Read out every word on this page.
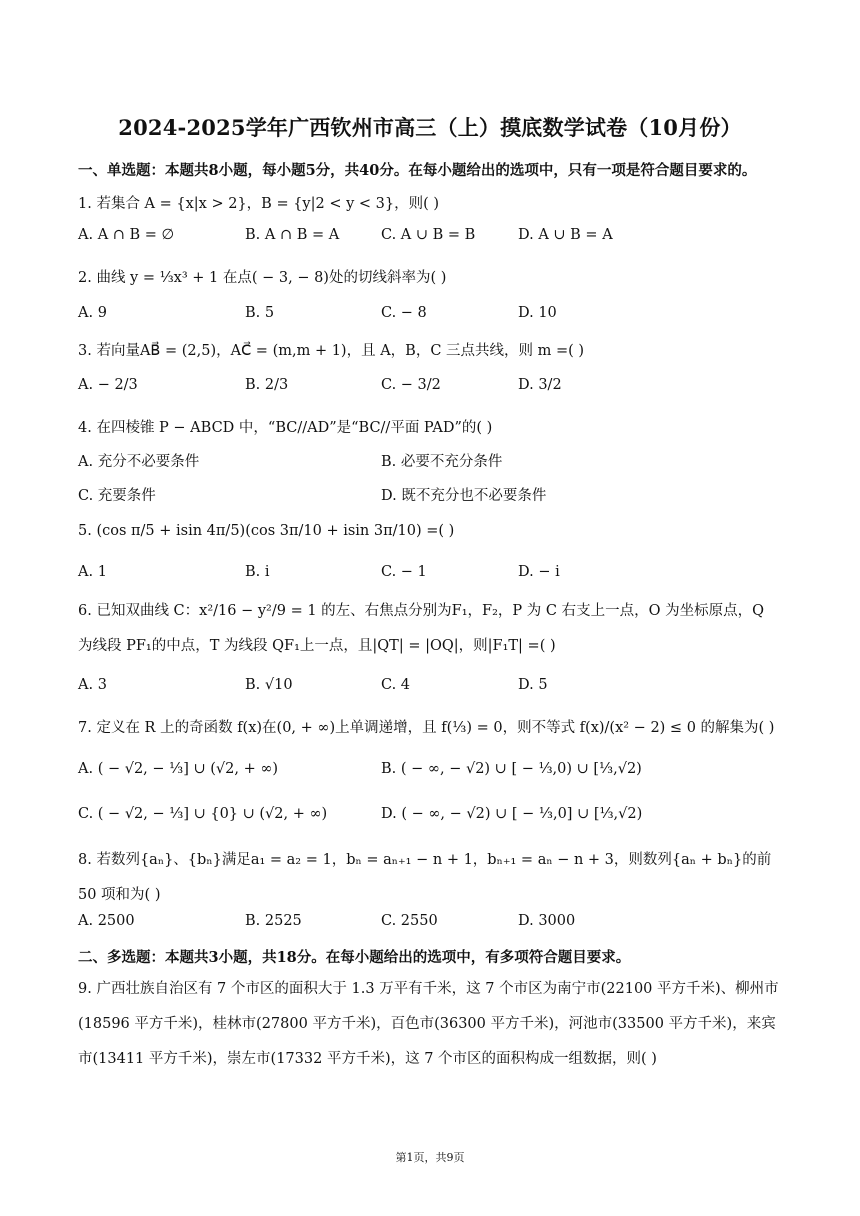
2024-2025学年广西钦州市高三（上）摸底数学试卷（10月份）
一、单选题：本题共8小题，每小题5分，共40分。在每小题给出的选项中，只有一项是符合题目要求的。
1. 若集合 A = {x|x > 2}，B = {y|2 < y < 3}，则( )
A. A ∩ B = ∅	B. A ∩ B = A	C. A ∪ B = B	D. A ∪ B = A
2. 曲线 y = ⅓x³ + 1 在点( − 3, − 8)处的切线斜率为( )
A. 9	B. 5	C. − 8	D. 10
3. 若向量AB⃗ = (2,5)，AC⃗ = (m,m + 1)，且 A，B，C 三点共线，则 m =( )
A. − 2/3	B. 2/3	C. − 3/2	D. 3/2
4. 在四棱锥 P − ABCD 中，“BC//AD”是“BC//平面 PAD”的( )
A. 充分不必要条件	B. 必要不充分条件
C. 充要条件	D. 既不充分也不必要条件
5. (cos π/5 + isin 4π/5)(cos 3π/10 + isin 3π/10) =( )
A. 1	B. i	C. − 1	D. − i
6. 已知双曲线 C：x²/16 − y²/9 = 1 的左、右焦点分别为F₁，F₂，P 为 C 右支上一点，O 为坐标原点，Q 为线段 PF₁的中点，T 为线段 QF₁上一点，且|QT| = |OQ|，则|F₁T| =( )
A. 3	B. √10	C. 4	D. 5
7. 定义在 R 上的奇函数 f(x)在(0, + ∞)上单调递增，且 f(⅓) = 0，则不等式 f(x)/(x² − 2) ≤ 0 的解集为( )
A. ( − √2, − ⅓] ∪ (√2, + ∞)	B. ( − ∞, − √2) ∪ [ − ⅓,0) ∪ [⅓,√2)
C. ( − √2, − ⅓] ∪ {0} ∪ (√2, + ∞)	D. ( − ∞, − √2) ∪ [ − ⅓,0] ∪ [⅓,√2)
8. 若数列{aₙ}、{bₙ}满足a₁ = a₂ = 1，bₙ = aₙ₊₁ − n + 1，bₙ₊₁ = aₙ − n + 3，则数列{aₙ + bₙ}的前 50 项和为( )
A. 2500	B. 2525	C. 2550	D. 3000
二、多选题：本题共3小题，共18分。在每小题给出的选项中，有多项符合题目要求。
9. 广西壮族自治区有 7 个市区的面积大于 1.3 万平有千米，这 7 个市区为南宁市(22100 平方千米)、柳州市(18596 平方千米)，桂林市(27800 平方千米)，百色市(36300 平方千米)，河池市(33500 平方千米)，来宾市(13411 平方千米)，崇左市(17332 平方千米)，这 7 个市区的面积构成一组数据，则( )
第1页，共9页
